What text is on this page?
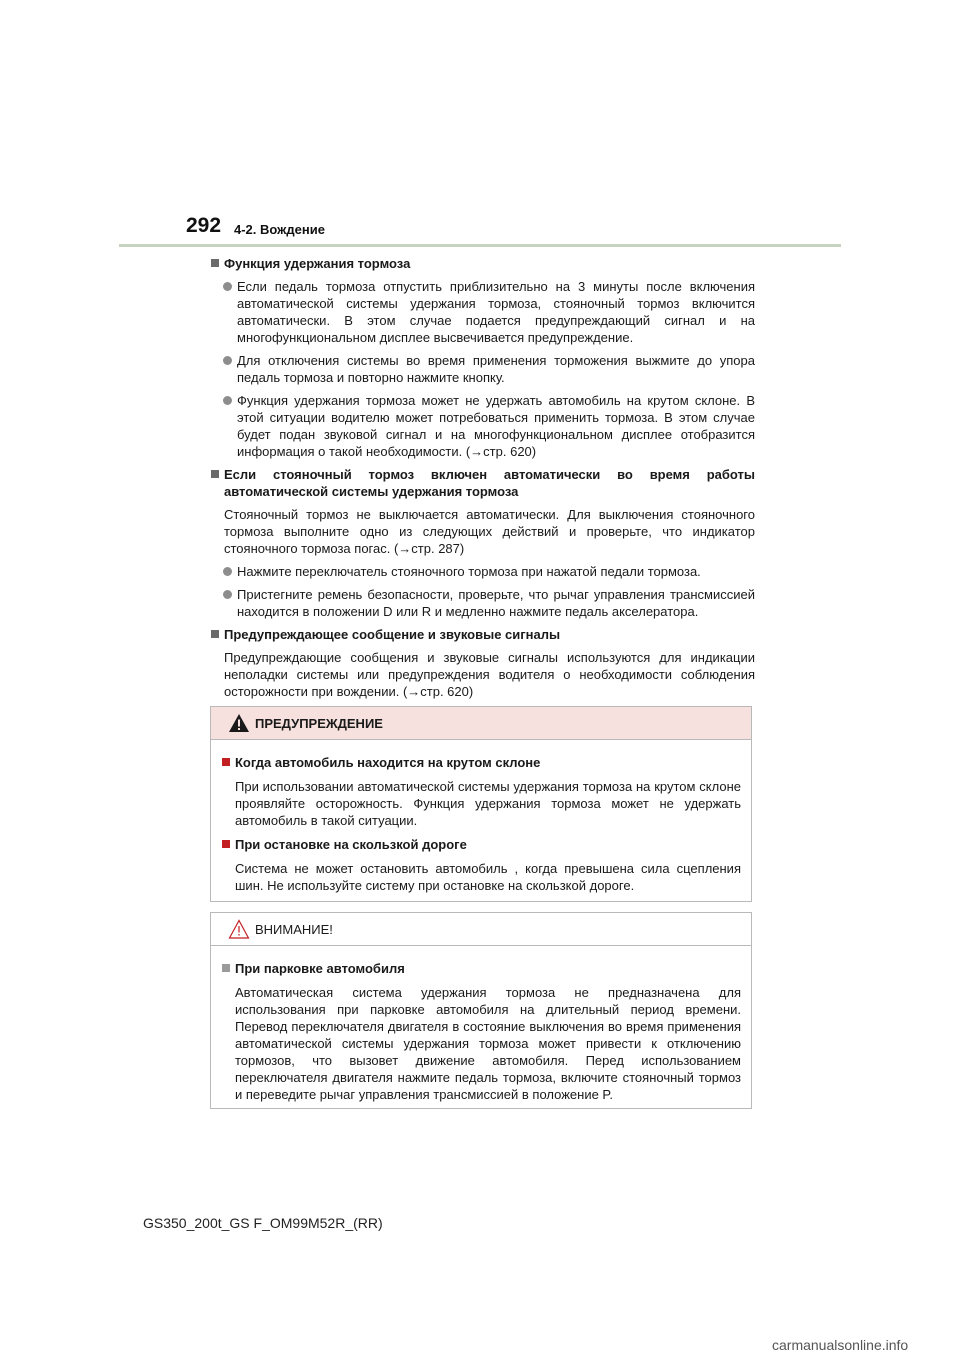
292 4-2. Вождение
Функция удержания тормоза
Если педаль тормоза отпустить приблизительно на 3 минуты после включения автоматической системы удержания тормоза, стояночный тормоз включится автоматически. В этом случае подается предупреждающий сигнал и на многофункциональном дисплее высвечивается предупреждение.
Для отключения системы во время применения торможения выжмите до упора педаль тормоза и повторно нажмите кнопку.
Функция удержания тормоза может не удержать автомобиль на крутом склоне. В этой ситуации водителю может потребоваться применить тормоза. В этом случае будет подан звуковой сигнал и на многофункциональном дисплее отобразится информация о такой необходимости. (→стр. 620)
Если стояночный тормоз включен автоматически во время работы автоматической системы удержания тормоза
Стояночный тормоз не выключается автоматически. Для выключения стояночного тормоза выполните одно из следующих действий и проверьте, что индикатор стояночного тормоза погас. (→стр. 287)
Нажмите переключатель стояночного тормоза при нажатой педали тормоза.
Пристегните ремень безопасности, проверьте, что рычаг управления трансмиссией находится в положении D или R и медленно нажмите педаль акселератора.
Предупреждающее сообщение и звуковые сигналы
Предупреждающие сообщения и звуковые сигналы используются для индикации неполадки системы или предупреждения водителя о необходимости соблюдения осторожности при вождении. (→стр. 620)
ПРЕДУПРЕЖДЕНИЕ
Когда автомобиль находится на крутом склоне
При использовании автоматической системы удержания тормоза на крутом склоне проявляйте осторожность. Функция удержания тормоза может не удержать автомобиль в такой ситуации.
При остановке на скользкой дороге
Система не может остановить автомобиль , когда превышена сила сцепления шин. Не используйте систему при остановке на скользкой дороге.
ВНИМАНИЕ!
При парковке автомобиля
Автоматическая система удержания тормоза не предназначена для использования при парковке автомобиля на длительный период времени. Перевод переключателя двигателя в состояние выключения во время применения автоматической системы удержания тормоза может привести к отключению тормозов, что вызовет движение автомобиля. Перед использованием переключателя двигателя нажмите педаль тормоза, включите стояночный тормоз и переведите рычаг управления трансмиссией в положение P.
GS350_200t_GS F_OM99M52R_(RR)
carmanualsonline.info
